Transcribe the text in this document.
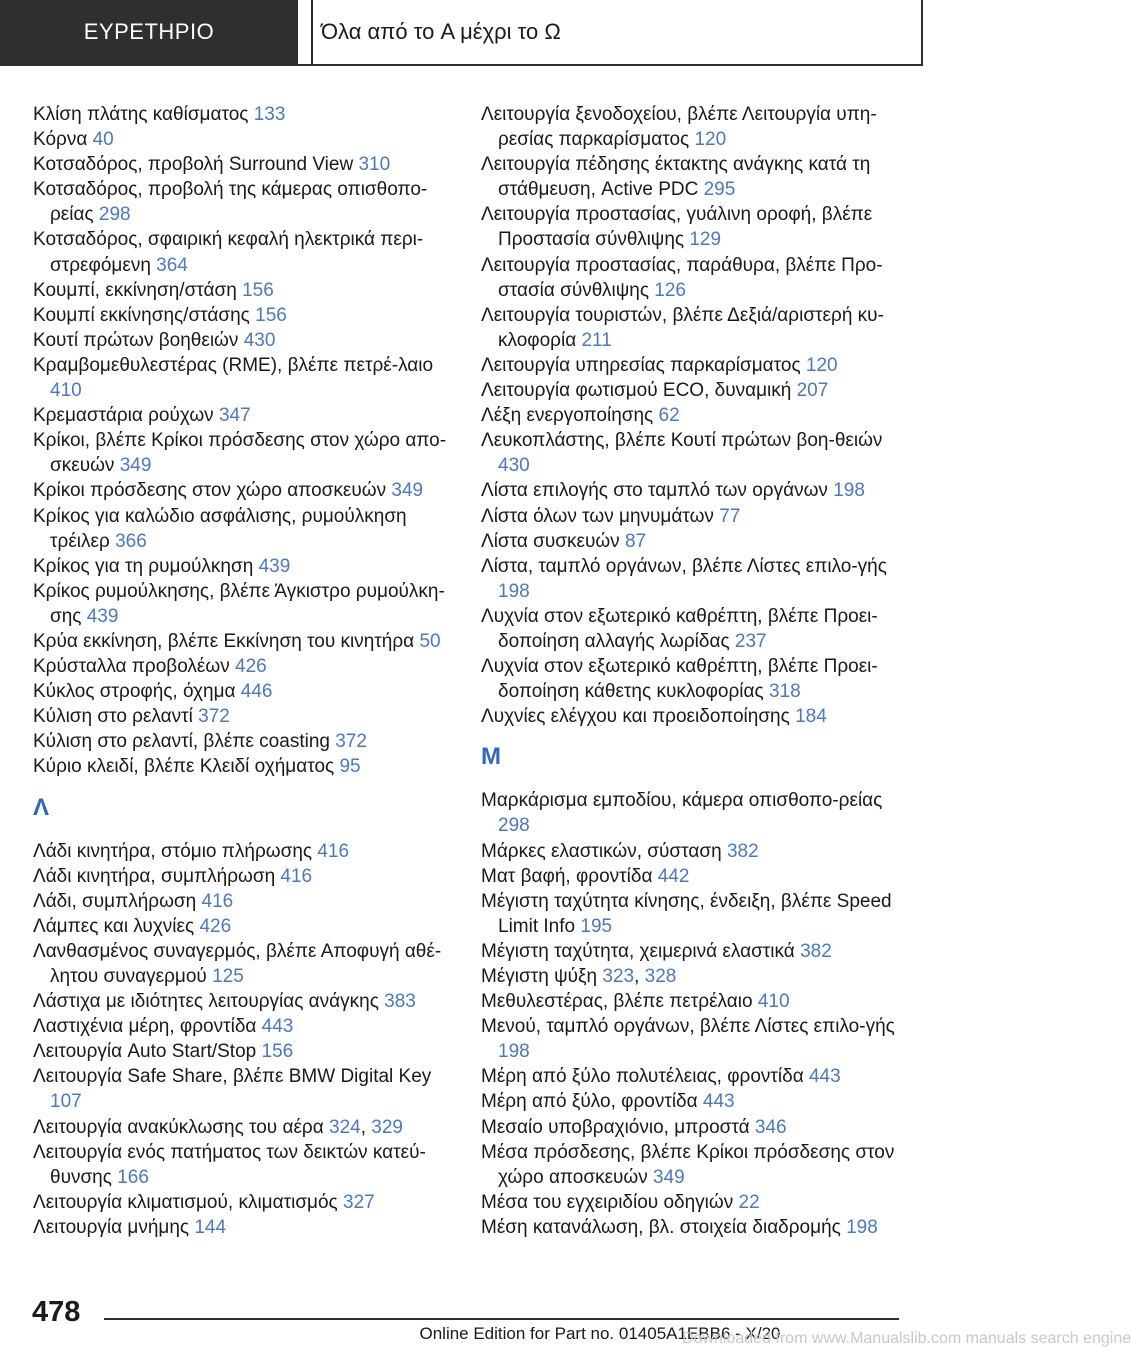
ΕΥΡΕΤΗΡΙΟ	Όλα από το A μέχρι το Ω
Κλίση πλάτης καθίσματος 133
Κόρνα 40
Κοτσαδόρος, προβολή Surround View 310
Κοτσαδόρος, προβολή της κάμερας οπισθοπο-ρείας 298
Κοτσαδόρος, σφαιρική κεφαλή ηλεκτρικά περι-στρεφόμενη 364
Κουμπί, εκκίνηση/στάση 156
Κουμπί εκκίνησης/στάσης 156
Κουτί πρώτων βοηθειών 430
Κραμβομεθυλεστέρας (RME), βλέπε πετρέ-λαιο 410
Κρεμαστάρια ρούχων 347
Κρίκοι, βλέπε Κρίκοι πρόσδεσης στον χώρο απο-σκευών 349
Κρίκοι πρόσδεσης στον χώρο αποσκευών 349
Κρίκος για καλώδιο ασφάλισης, ρυμούλκηση τρέιλερ 366
Κρίκος για τη ρυμούλκηση 439
Κρίκος ρυμούλκησης, βλέπε Άγκιστρο ρυμούλκη-σης 439
Κρύα εκκίνηση, βλέπε Εκκίνηση του κινητήρα 50
Κρύσταλλα προβολέων 426
Κύκλος στροφής, όχημα 446
Κύλιση στο ρελαντί 372
Κύλιση στο ρελαντί, βλέπε coasting 372
Κύριο κλειδί, βλέπε Κλειδί οχήματος 95
Λ
Λάδι κινητήρα, στόμιο πλήρωσης 416
Λάδι κινητήρα, συμπλήρωση 416
Λάδι, συμπλήρωση 416
Λάμπες και λυχνίες 426
Λανθασμένος συναγερμός, βλέπε Αποφυγή αθέ-λητου συναγερμού 125
Λάστιχα με ιδιότητες λειτουργίας ανάγκης 383
Λαστιχένια μέρη, φροντίδα 443
Λειτουργία Auto Start/Stop 156
Λειτουργία Safe Share, βλέπε BMW Digital Key 107
Λειτουργία ανακύκλωσης του αέρα 324, 329
Λειτουργία ενός πατήματος των δεικτών κατεύ-θυνσης 166
Λειτουργία κλιματισμού, κλιματισμός 327
Λειτουργία μνήμης 144
Λειτουργία ξενοδοχείου, βλέπε Λειτουργία υπη-ρεσίας παρκαρίσματος 120
Λειτουργία πέδησης έκτακτης ανάγκης κατά τη στάθμευση, Active PDC 295
Λειτουργία προστασίας, γυάλινη οροφή, βλέπε Προστασία σύνθλιψης 129
Λειτουργία προστασίας, παράθυρα, βλέπε Προ-στασία σύνθλιψης 126
Λειτουργία τουριστών, βλέπε Δεξιά/αριστερή κυ-κλοφορία 211
Λειτουργία υπηρεσίας παρκαρίσματος 120
Λειτουργία φωτισμού ECO, δυναμική 207
Λέξη ενεργοποίησης 62
Λευκοπλάστης, βλέπε Κουτί πρώτων βοη-θειών 430
Λίστα επιλογής στο ταμπλό των οργάνων 198
Λίστα όλων των μηνυμάτων 77
Λίστα συσκευών 87
Λίστα, ταμπλό οργάνων, βλέπε Λίστες επιλο-γής 198
Λυχνία στον εξωτερικό καθρέπτη, βλέπε Προει-δοποίηση αλλαγής λωρίδας 237
Λυχνία στον εξωτερικό καθρέπτη, βλέπε Προει-δοποίηση κάθετης κυκλοφορίας 318
Λυχνίες ελέγχου και προειδοποίησης 184
Μ
Μαρκάρισμα εμποδίου, κάμερα οπισθοπο-ρείας 298
Μάρκες ελαστικών, σύσταση 382
Ματ βαφή, φροντίδα 442
Μέγιστη ταχύτητα κίνησης, ένδειξη, βλέπε Speed Limit Info 195
Μέγιστη ταχύτητα, χειμερινά ελαστικά 382
Μέγιστη ψύξη 323, 328
Μεθυλεστέρας, βλέπε πετρέλαιο 410
Μενού, ταμπλό οργάνων, βλέπε Λίστες επιλο-γής 198
Μέρη από ξύλο πολυτέλειας, φροντίδα 443
Μέρη από ξύλο, φροντίδα 443
Μεσαίο υποβραχιόνιο, μπροστά 346
Μέσα πρόσδεσης, βλέπε Κρίκοι πρόσδεσης στον χώρο αποσκευών 349
Μέσα του εγχειριδίου οδηγιών 22
Μέση κατανάλωση, βλ. στοιχεία διαδρομής 198
478
Online Edition for Part no. 01405A1EBB6 - X/20
Downloaded from www.Manualslib.com manuals search engine
